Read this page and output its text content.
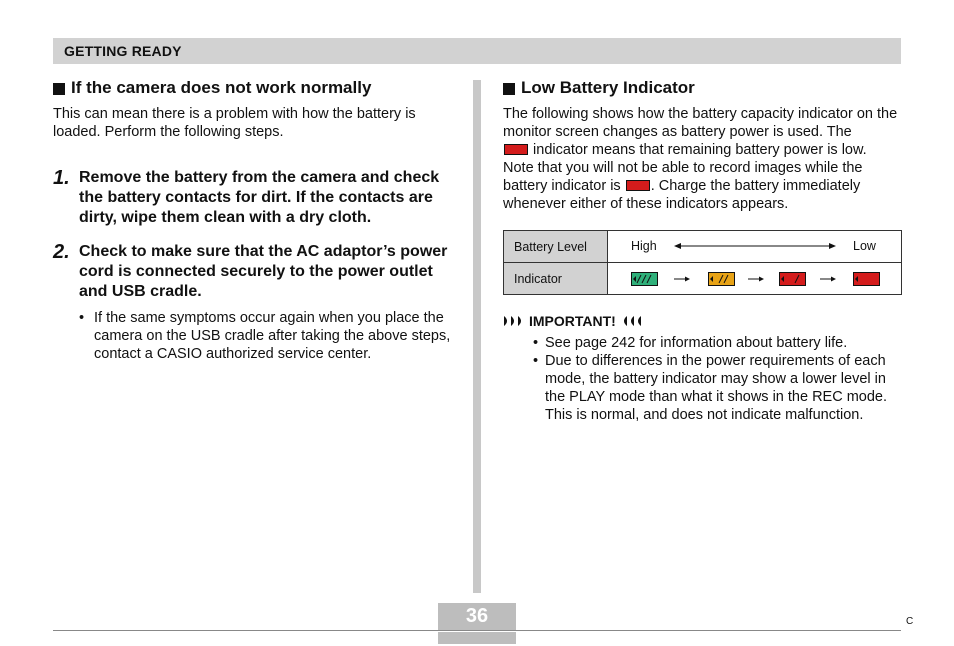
GETTING READY
If the camera does not work normally

This can mean there is a problem with how the battery is loaded. Perform the following steps.

1. Remove the battery from the camera and check the battery contacts for dirt. If the contacts are dirty, wipe them clean with a dry cloth.

2. Check to make sure that the AC adaptor’s power cord is connected securely to the power outlet and USB cradle.

• If the same symptoms occur again when you place the camera on the USB cradle after taking the above steps, contact a CASIO authorized service center.
Low Battery Indicator

The following shows how the battery capacity indicator on the monitor screen changes as battery power is used. The
indicator means that remaining battery power is low. Note that you will not be able to record images while the battery indicator is . Charge the battery immediately whenever either of these indicators appears.

Battery Level	High Low

Indicator	
IMPORTANT!
• See page 242 for information about battery life.
• Due to differences in the power requirements of each mode, the battery indicator may show a lower level in the PLAY mode than what it shows in the REC mode. This is normal, and does not indicate malfunction.
36	C
